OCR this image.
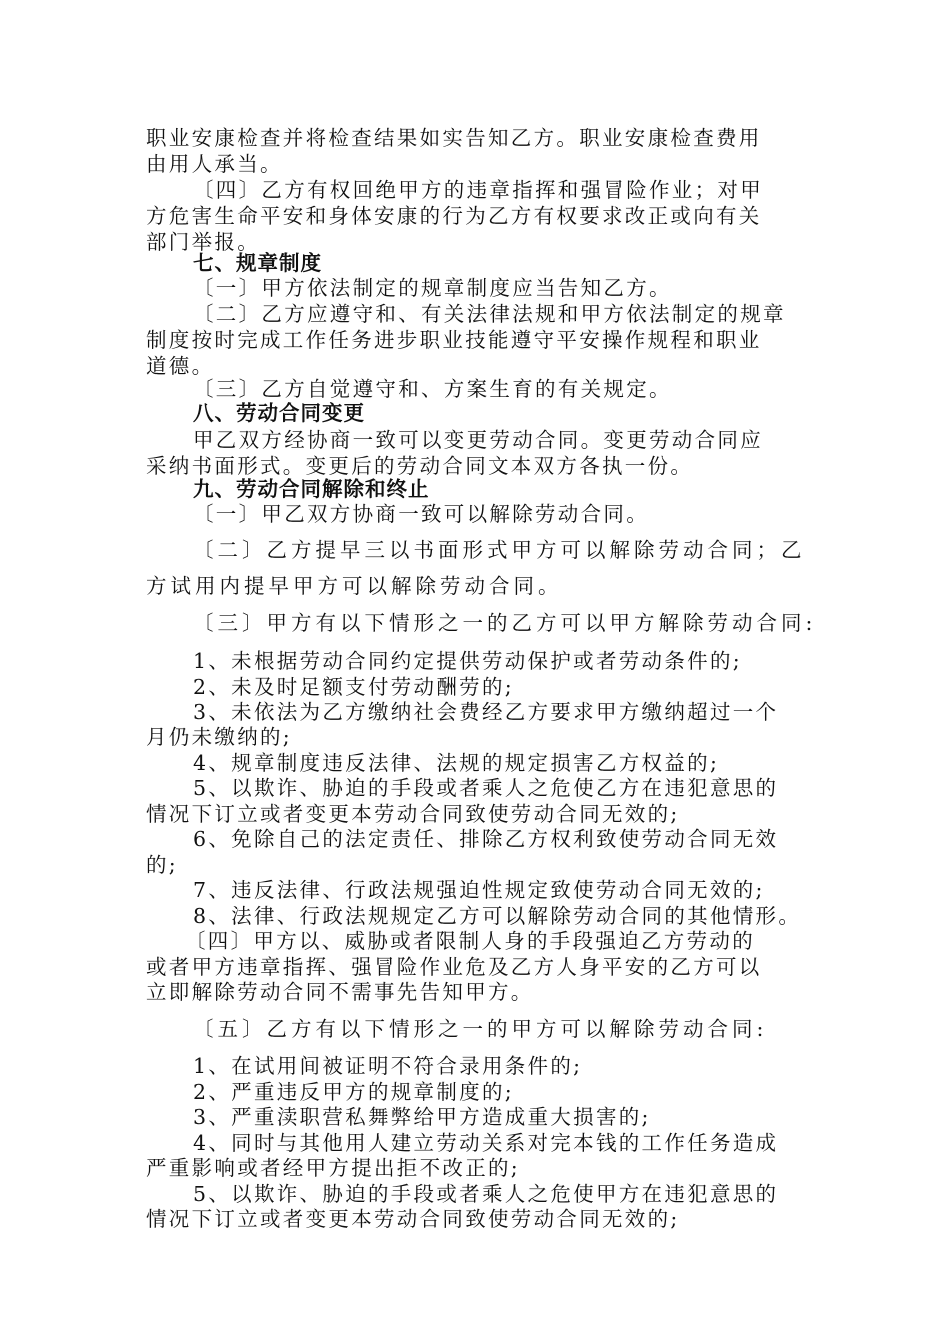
职业安康检查并将检查结果如实告知乙方。职业安康检查费用
由用人承当。
〔四〕乙方有权回绝甲方的违章指挥和强冒险作业；对甲
方危害生命平安和身体安康的行为乙方有权要求改正或向有关
部门举报。
七、规章制度
〔一〕甲方依法制定的规章制度应当告知乙方。
〔二〕乙方应遵守和、有关法律法规和甲方依法制定的规章
制度按时完成工作任务进步职业技能遵守平安操作规程和职业
道德。
〔三〕乙方自觉遵守和、方案生育的有关规定。
八、劳动合同变更
甲乙双方经协商一致可以变更劳动合同。变更劳动合同应
采纳书面形式。变更后的劳动合同文本双方各执一份。
九、劳动合同解除和终止
〔一〕甲乙双方协商一致可以解除劳动合同。
〔二〕乙方提早三以书面形式甲方可以解除劳动合同；乙
方试用内提早甲方可以解除劳动合同。
〔三〕甲方有以下情形之一的乙方可以甲方解除劳动合同:
1、未根据劳动合同约定提供劳动保护或者劳动条件的;
2、未及时足额支付劳动酬劳的;
3、未依法为乙方缴纳社会费经乙方要求甲方缴纳超过一个
月仍未缴纳的;
4、规章制度违反法律、法规的规定损害乙方权益的;
5、以欺诈、胁迫的手段或者乘人之危使乙方在违犯意思的
情况下订立或者变更本劳动合同致使劳动合同无效的;
6、免除自己的法定责任、排除乙方权利致使劳动合同无效
的;
7、违反法律、行政法规强迫性规定致使劳动合同无效的;
8、法律、行政法规规定乙方可以解除劳动合同的其他情形。
〔四〕甲方以、威胁或者限制人身的手段强迫乙方劳动的
或者甲方违章指挥、强冒险作业危及乙方人身平安的乙方可以
立即解除劳动合同不需事先告知甲方。
〔五〕乙方有以下情形之一的甲方可以解除劳动合同:
1、在试用间被证明不符合录用条件的;
2、严重违反甲方的规章制度的;
3、严重渎职营私舞弊给甲方造成重大损害的;
4、同时与其他用人建立劳动关系对完本钱的工作任务造成
严重影响或者经甲方提出拒不改正的;
5、以欺诈、胁迫的手段或者乘人之危使甲方在违犯意思的
情况下订立或者变更本劳动合同致使劳动合同无效的;
